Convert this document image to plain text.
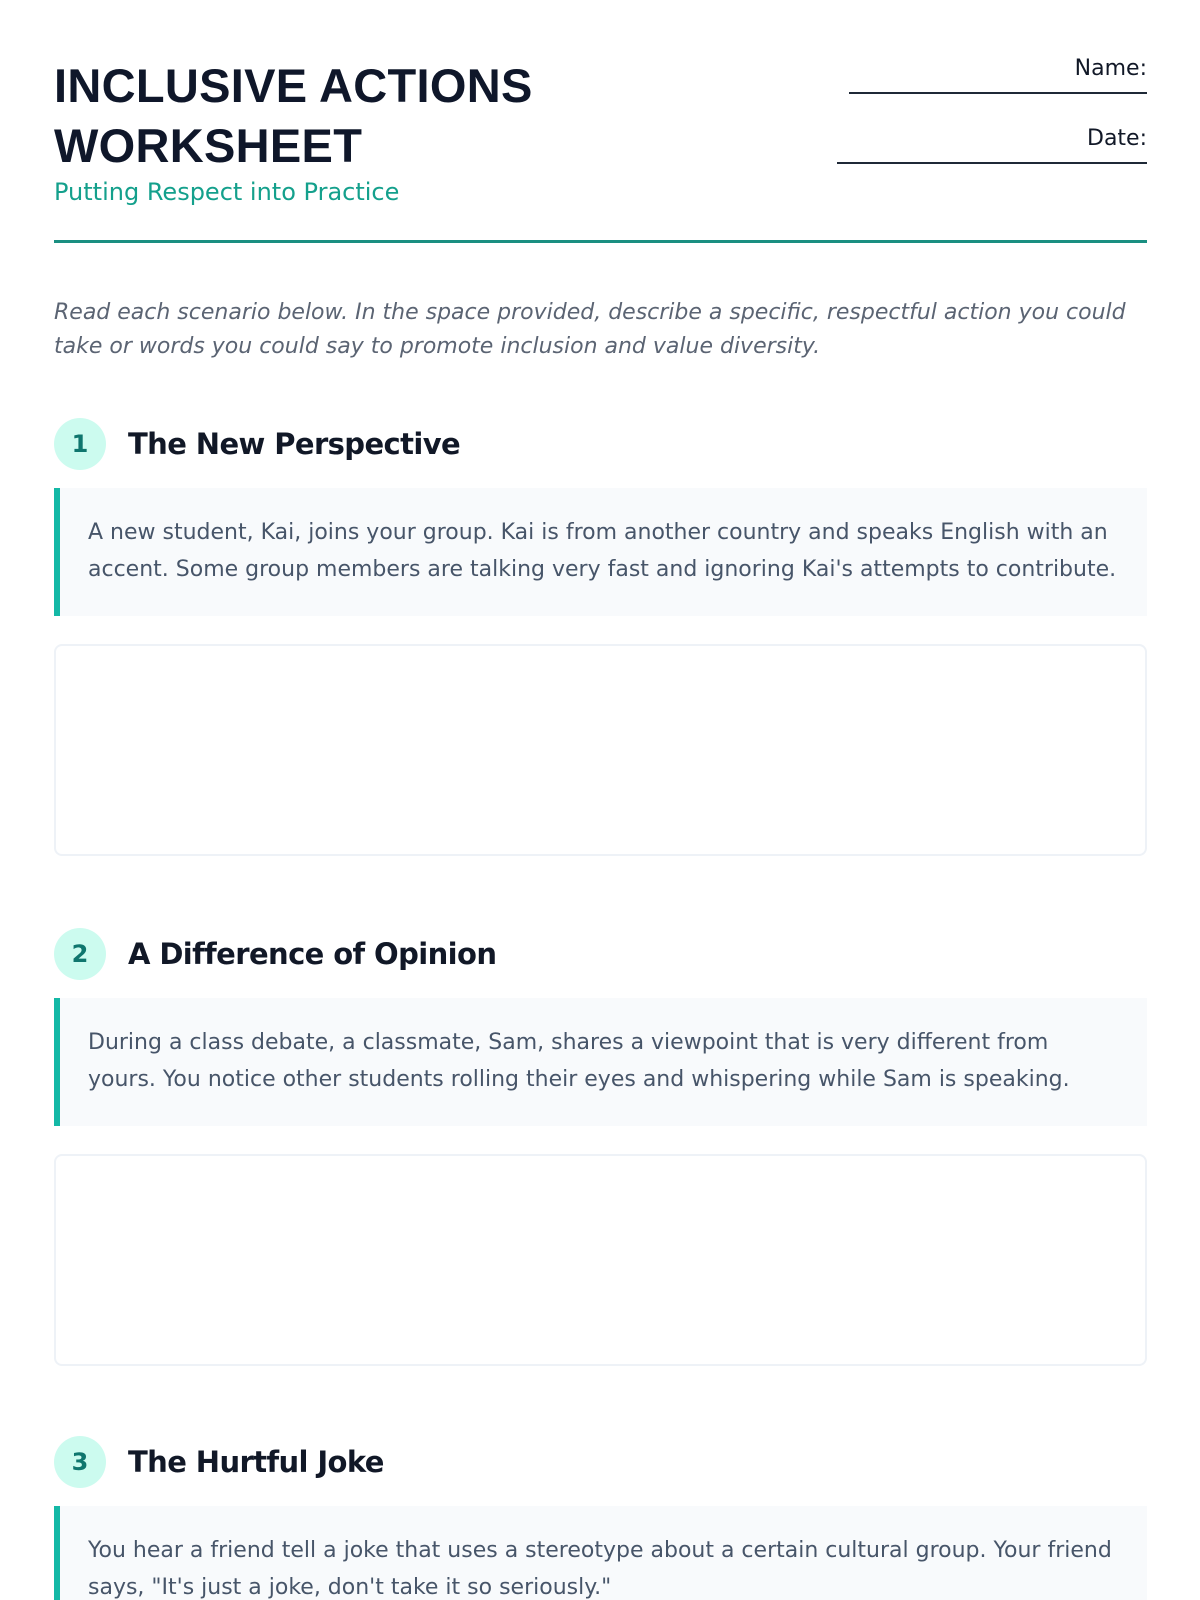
INCLUSIVE ACTIONS WORKSHEET
Putting Respect into Practice
Name:
Date:

Read each scenario below. In the space provided, describe a specific, respectful action you could take or words you could say to promote inclusion and value diversity.

1	The New Perspective
A new student, Kai, joins your group. Kai is from another country and speaks English with an accent. Some group members are talking very fast and ignoring Kai's attempts to contribute.
2	A Difference of Opinion
During a class debate, a classmate, Sam, shares a viewpoint that is very different from yours. You notice other students rolling their eyes and whispering while Sam is speaking.
3	The Hurtful Joke
You hear a friend tell a joke that uses a stereotype about a certain cultural group. Your friend says, "It's just a joke, don't take it so seriously."
